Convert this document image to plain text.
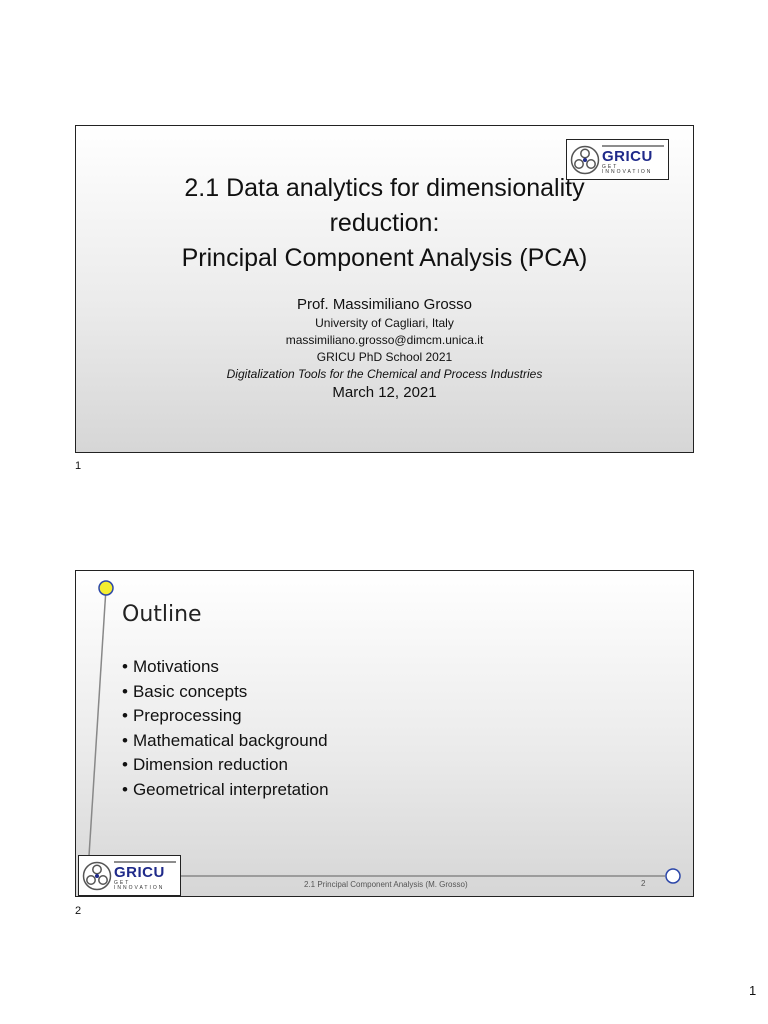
GRICU
GET INNOVATION
2.1 Data analytics for dimensionality
reduction:
Principal Component Analysis (PCA)
Prof. Massimiliano Grosso
University of Cagliari, Italy
massimiliano.grosso@dimcm.unica.it
GRICU PhD School 2021
Digitalization Tools for the Chemical and Process Industries
March 12, 2021
1
Outline
• Motivations
• Basic concepts
• Preprocessing
• Mathematical background
• Dimension reduction
• Geometrical interpretation
GRICU
GET INNOVATION	2.1 Principal Component Analysis (M. Grosso)	2
2
1
